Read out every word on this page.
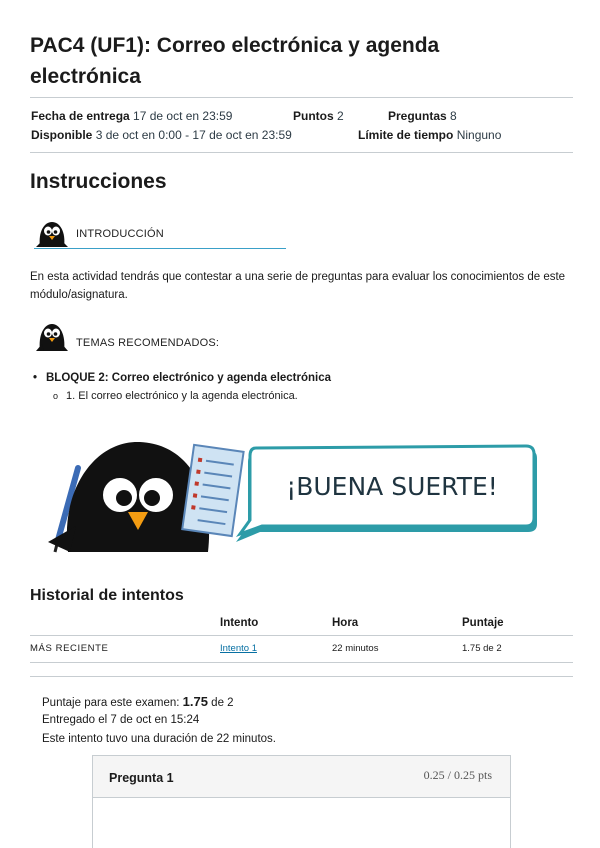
PAC4 (UF1): Correo electrónica y agenda electrónica
Fecha de entrega 17 de oct en 23:59	Puntos 2	Preguntas 8
Disponible 3 de oct en 0:00 - 17 de oct en 23:59	Límite de tiempo Ninguno
Instrucciones
INTRODUCCIÓN

En esta actividad tendrás que contestar a una serie de preguntas para evaluar los conocimientos de este módulo/asignatura.

TEMAS RECOMENDADOS:
• BLOQUE 2: Correo electrónico y agenda electrónica
o 1. El correo electrónico y la agenda electrónica.
¡BUENA SUERTE!
Historial de intentos
	Intento	Hora	Puntaje
MÁS RECIENTE	Intento 1	22 minutos	1.75 de 2
Puntaje para este examen: 1.75 de 2
Entregado el 7 de oct en 15:24
Este intento tuvo una duración de 22 minutos.
Pregunta 1	0.25 / 0.25 pts
